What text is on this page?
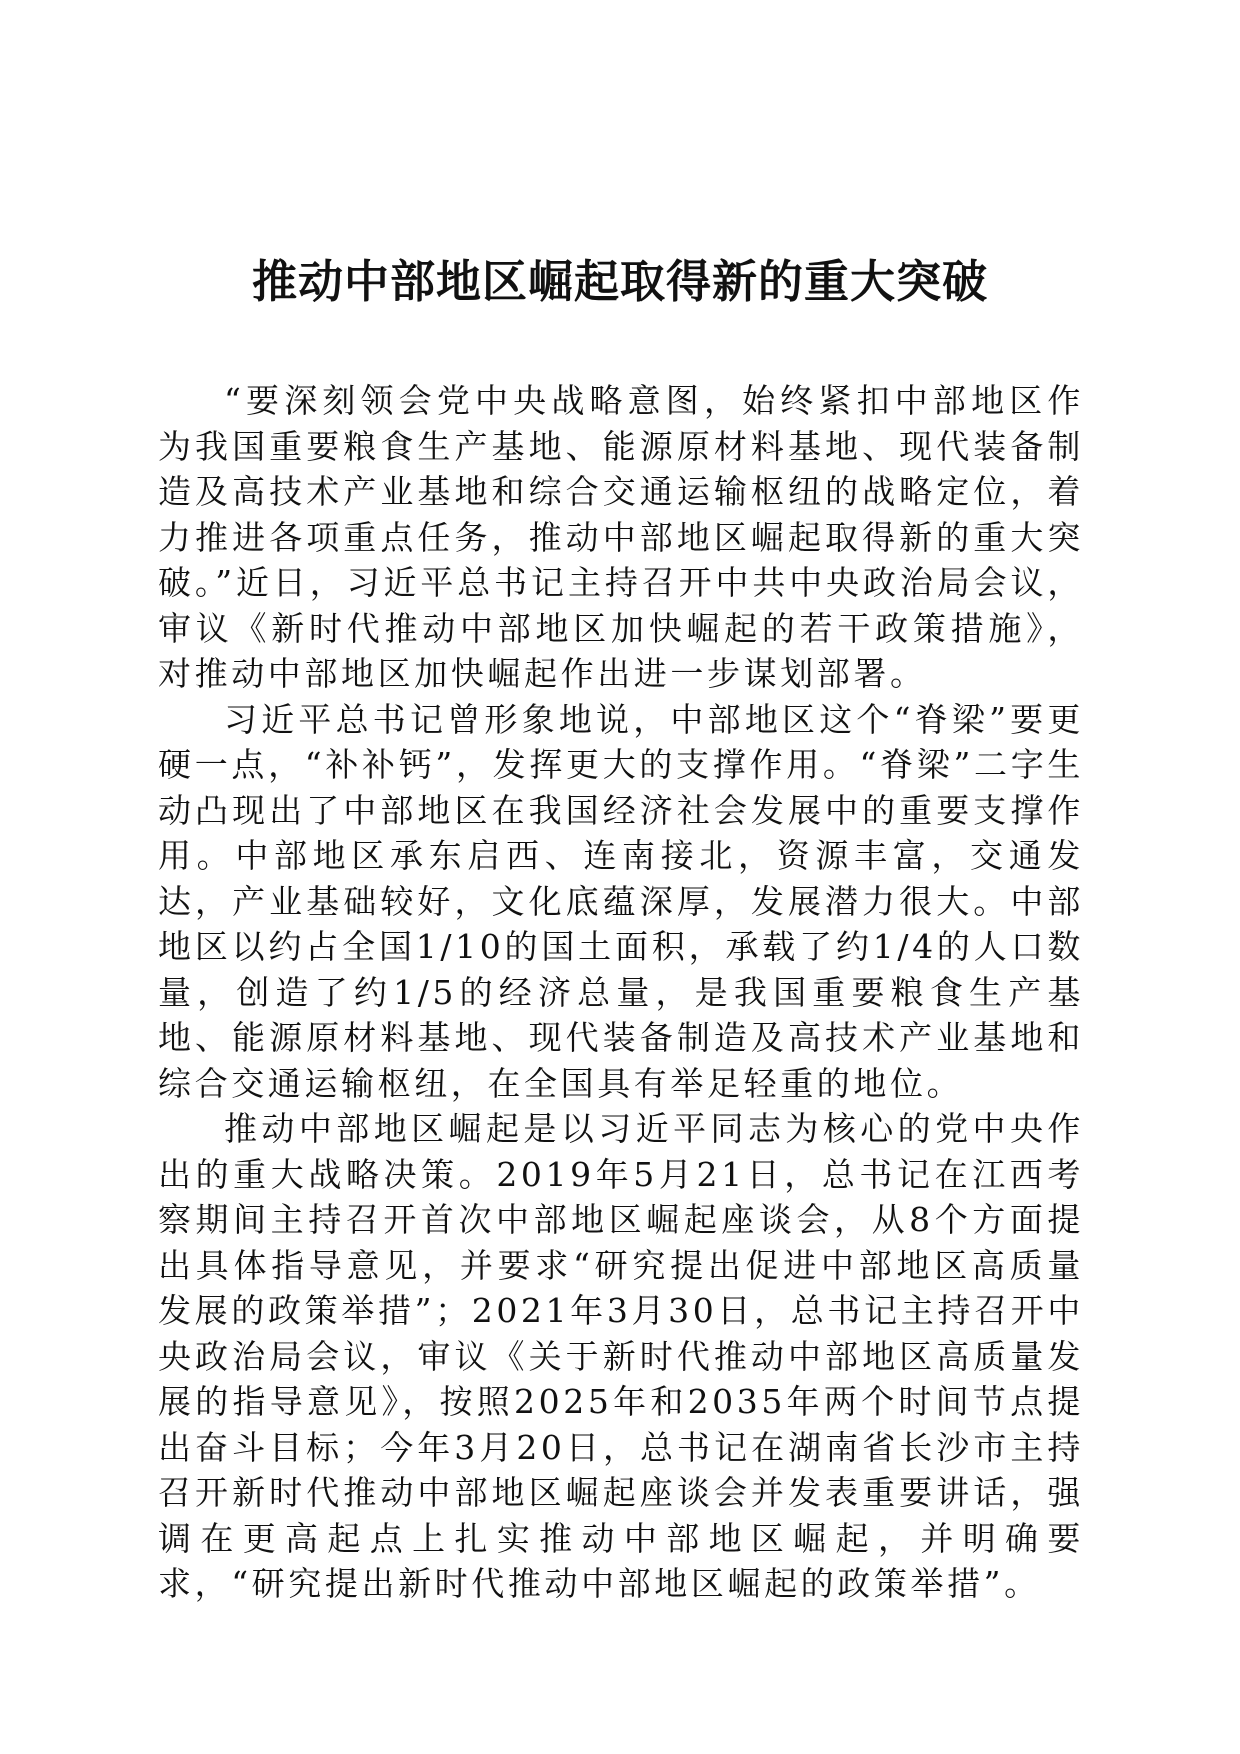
推动中部地区崛起取得新的重大突破

“要深刻领会党中央战略意图，始终紧扣中部地区作为我国重要粮食生产基地、能源原材料基地、现代装备制造及高技术产业基地和综合交通运输枢纽的战略定位，着力推进各项重点任务，推动中部地区崛起取得新的重大突破。”近日，习近平总书记主持召开中共中央政治局会议，审议《新时代推动中部地区加快崛起的若干政策措施》，对推动中部地区加快崛起作出进一步谋划部署。

习近平总书记曾形象地说，中部地区这个“脊梁”要更硬一点，“补补钙”，发挥更大的支撑作用。“脊梁”二字生动凸现出了中部地区在我国经济社会发展中的重要支撑作用。中部地区承东启西、连南接北，资源丰富，交通发达，产业基础较好，文化底蕴深厚，发展潜力很大。中部地区以约占全国1/10的国土面积，承载了约1/4的人口数量，创造了约1/5的经济总量，是我国重要粮食生产基地、能源原材料基地、现代装备制造及高技术产业基地和综合交通运输枢纽，在全国具有举足轻重的地位。

推动中部地区崛起是以习近平同志为核心的党中央作出的重大战略决策。2019年5月21日，总书记在江西考察期间主持召开首次中部地区崛起座谈会，从8个方面提出具体指导意见，并要求“研究提出促进中部地区高质量发展的政策举措”；2021年3月30日，总书记主持召开中央政治局会议，审议《关于新时代推动中部地区高质量发展的指导意见》，按照2025年和2035年两个时间节点提出奋斗目标；今年3月20日，总书记在湖南省长沙市主持召开新时代推动中部地区崛起座谈会并发表重要讲话，强调在更高起点上扎实推动中部地区崛起，并明确要求，“研究提出新时代推动中部地区崛起的政策举措”。
